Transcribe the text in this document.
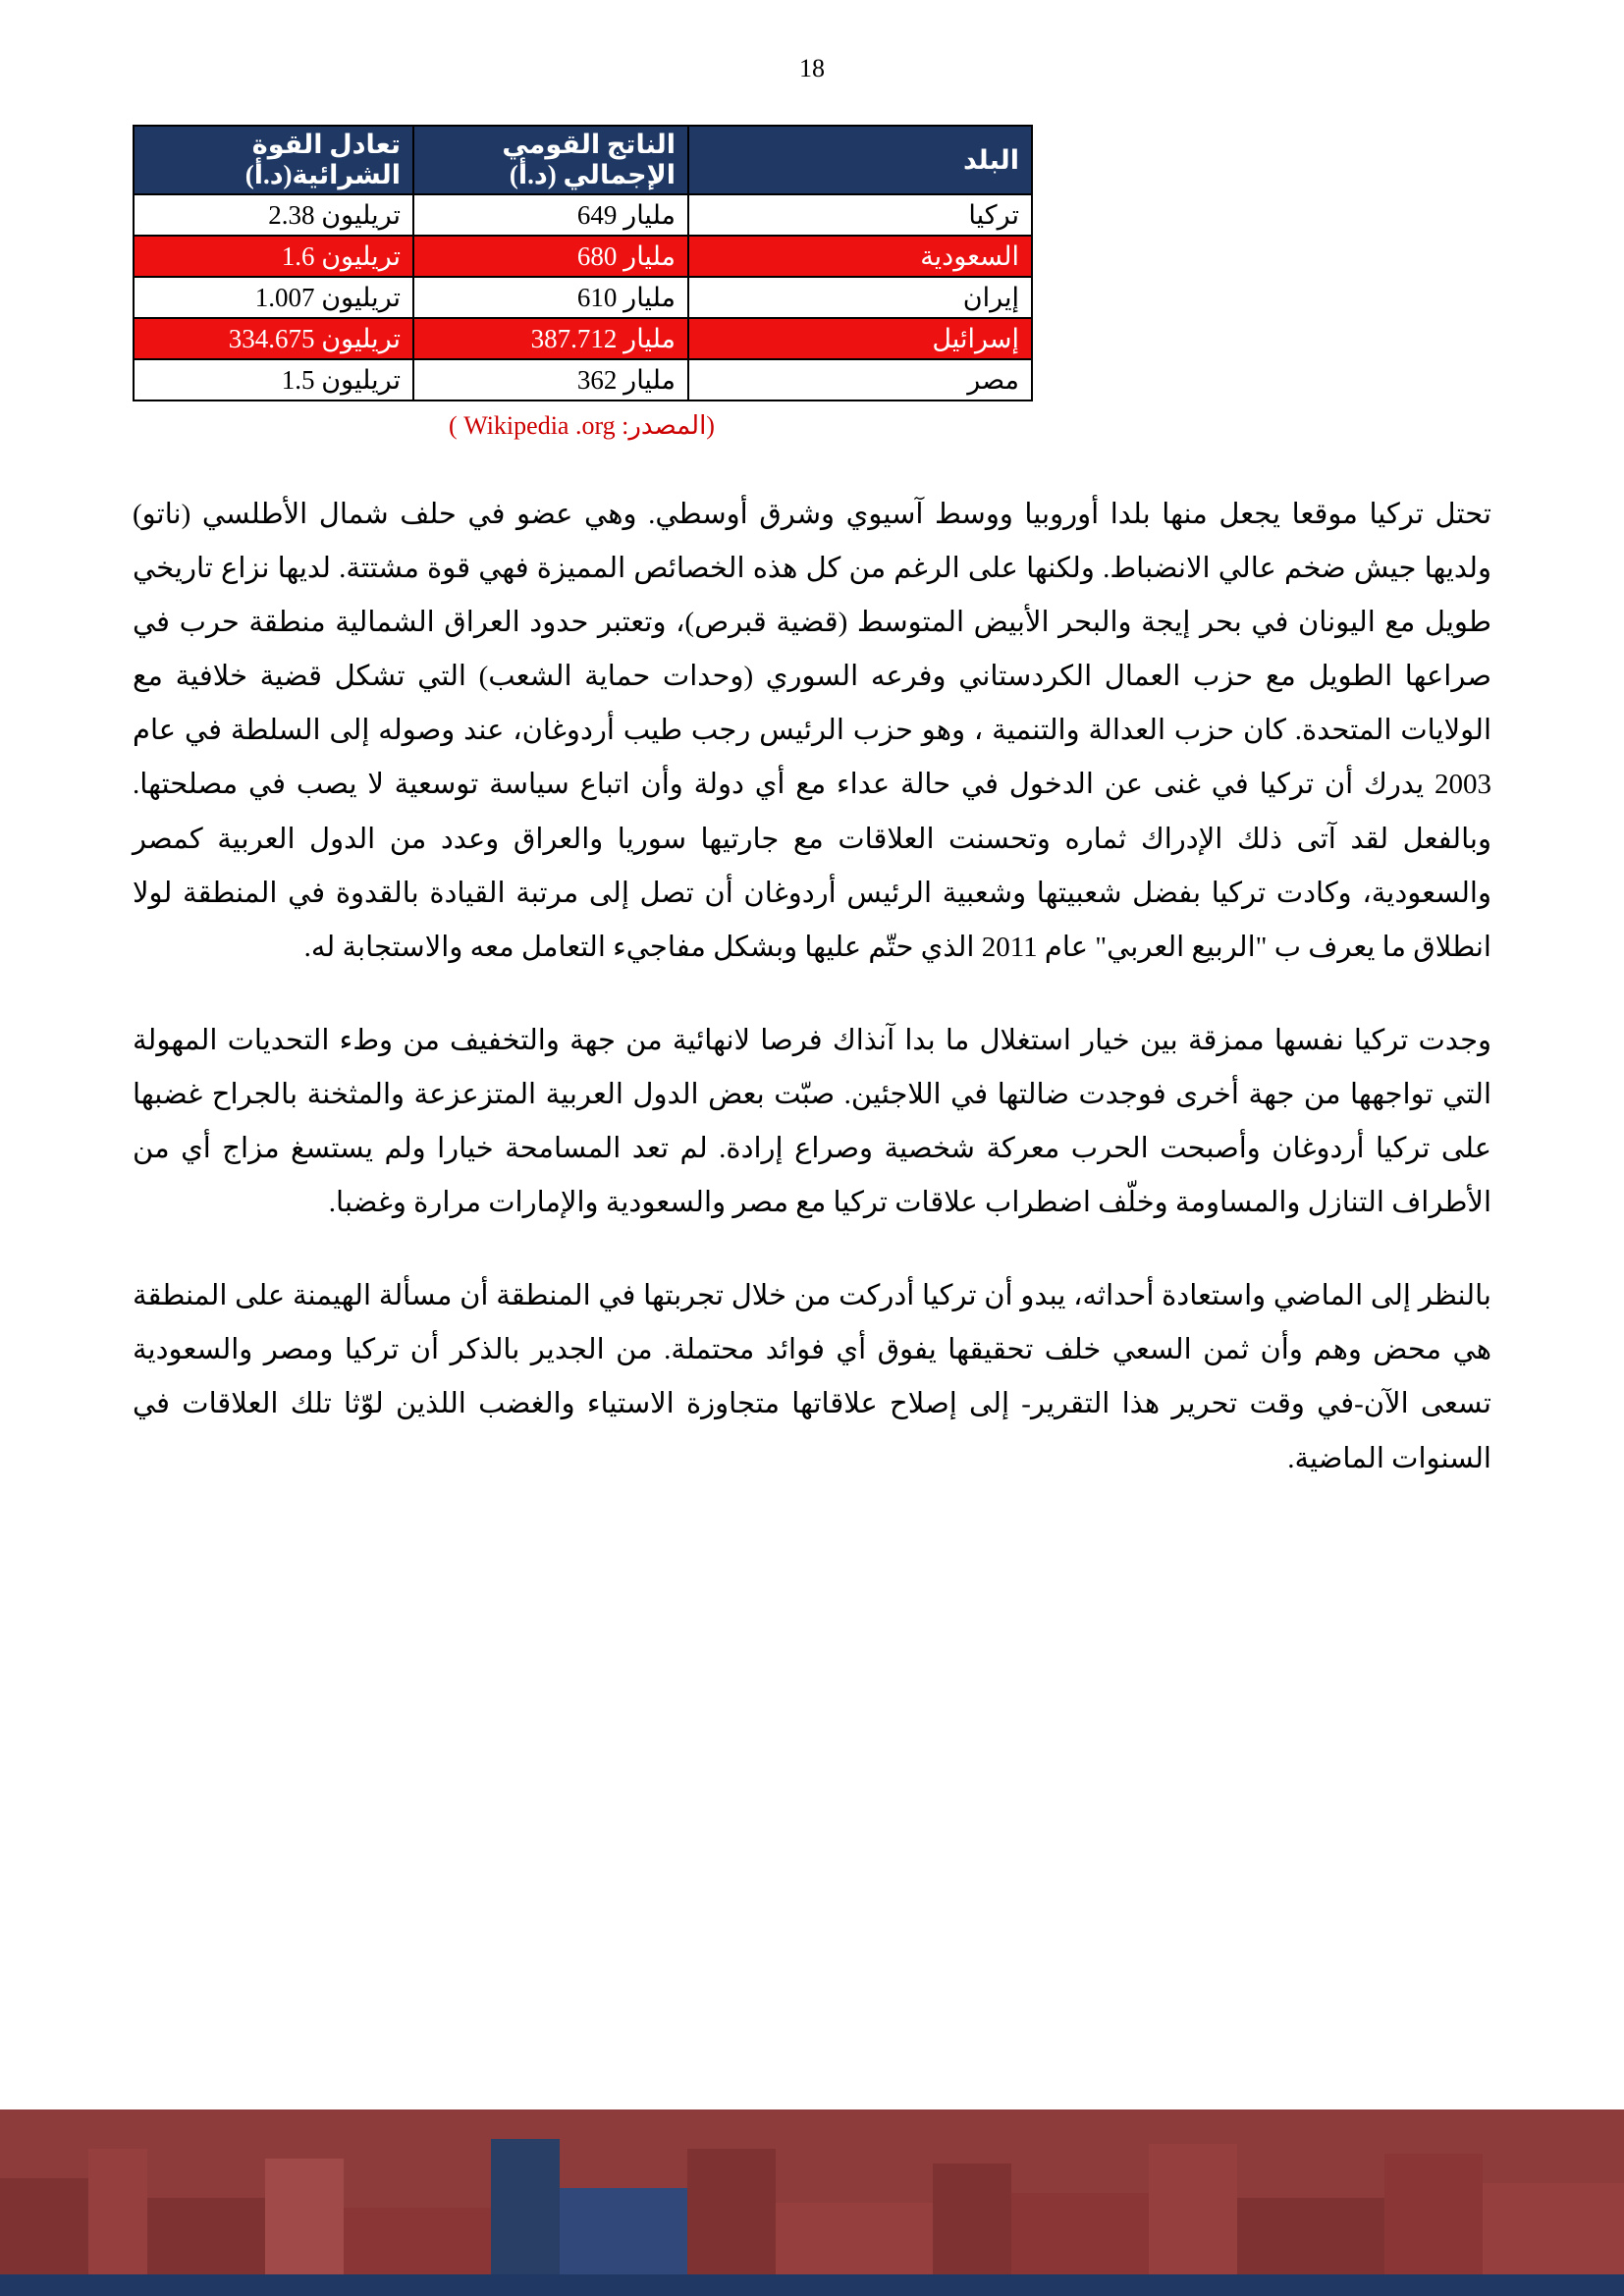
18
البلد	الناتج القومي الإجمالي (د.أ)	تعادل القوة الشرائية(د.أ)
تركيا	649 مليار	2.38 تريليون
السعودية	680 مليار	1.6 تريليون
إيران	610 مليار	1.007 تريليون
إسرائيل	387.712 مليار	334.675 تريليون
مصر	362 مليار	1.5 تريليون
(المصدر: Wikipedia .org )

تحتل تركيا موقعا يجعل منها بلدا أوروبيا ووسط آسيوي وشرق أوسطي. وهي عضو في حلف شمال الأطلسي (ناتو) ولديها جيش ضخم عالي الانضباط. ولكنها على الرغم من كل هذه الخصائص المميزة فهي قوة مشتتة. لديها نزاع تاريخي طويل مع اليونان في بحر إيجة والبحر الأبيض المتوسط (قضية قبرص)، وتعتبر حدود العراق الشمالية منطقة حرب في صراعها الطويل مع حزب العمال الكردستاني وفرعه السوري (وحدات حماية الشعب) التي تشكل قضية خلافية مع الولايات المتحدة. كان حزب العدالة والتنمية ، وهو حزب الرئيس رجب طيب أردوغان، عند وصوله إلى السلطة في عام 2003 يدرك أن تركيا في غنى عن الدخول في حالة عداء مع أي دولة وأن اتباع سياسة توسعية لا يصب في مصلحتها. وبالفعل لقد آتى ذلك الإدراك ثماره وتحسنت العلاقات مع جارتيها سوريا والعراق وعدد من الدول العربية كمصر والسعودية، وكادت تركيا بفضل شعبيتها وشعبية الرئيس أردوغان أن تصل إلى مرتبة القيادة بالقدوة في المنطقة لولا انطلاق ما يعرف ب "الربيع العربي" عام 2011 الذي حتّم عليها وبشكل مفاجيء التعامل معه والاستجابة له.

وجدت تركيا نفسها ممزقة بين خيار استغلال ما بدا آنذاك فرصا لانهائية من جهة والتخفيف من وطء التحديات المهولة التي تواجهها من جهة أخرى فوجدت ضالتها في اللاجئين. صبّت بعض الدول العربية المتزعزعة والمثخنة بالجراح غضبها على تركيا أردوغان وأصبحت الحرب معركة شخصية وصراع إرادة. لم تعد المسامحة خيارا ولم يستسغ مزاج أي من الأطراف التنازل والمساومة وخلّف اضطراب علاقات تركيا مع مصر والسعودية والإمارات مرارة وغضبا.

بالنظر إلى الماضي واستعادة أحداثه، يبدو أن تركيا أدركت من خلال تجربتها في المنطقة أن مسألة الهيمنة على المنطقة هي محض وهم وأن ثمن السعي خلف تحقيقها يفوق أي فوائد محتملة. من الجدير بالذكر أن تركيا ومصر والسعودية تسعى الآن-في وقت تحرير هذا التقرير- إلى إصلاح علاقاتها متجاوزة الاستياء والغضب اللذين لوّثا تلك العلاقات في السنوات الماضية.
